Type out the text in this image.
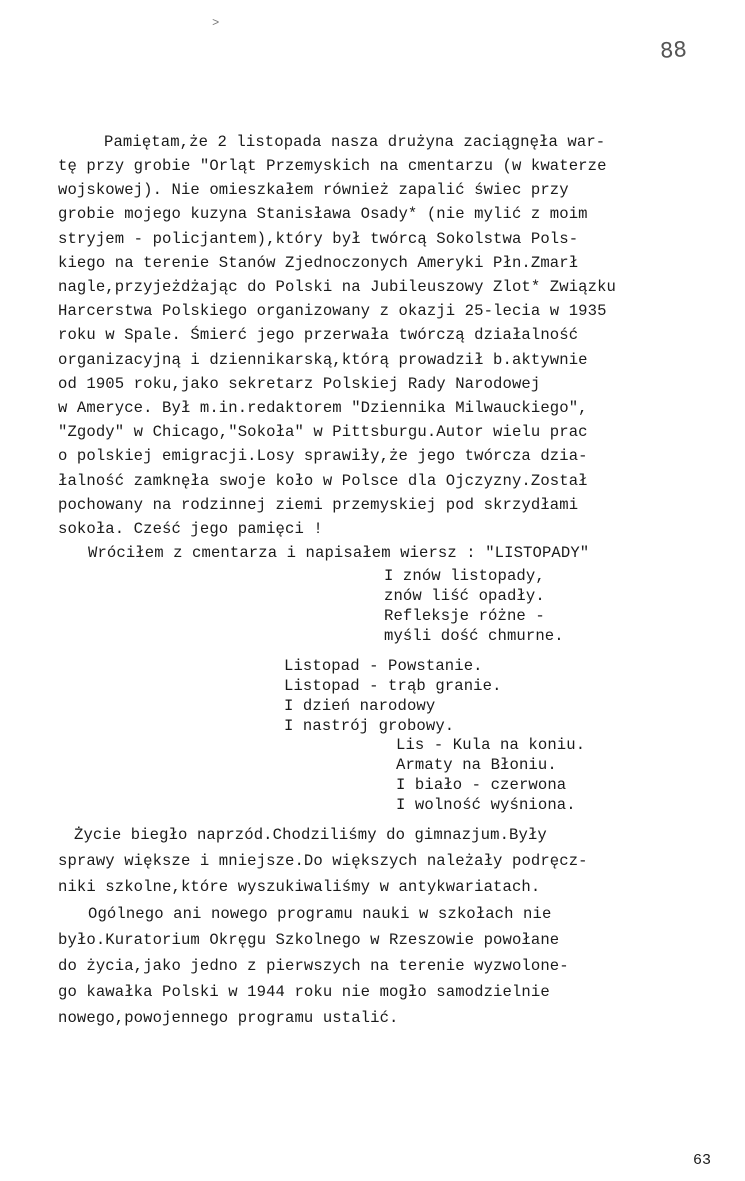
˃
88
Pamiętam,że 2 listopada nasza drużyna zaciągnęła war-
tę przy grobie "Orląt Przemyskich na cmentarzu (w kwaterze
wojskowej). Nie omieszkałem również zapalić świec przy
grobie mojego kuzyna Stanisława Osady* (nie mylić z moim
stryjem - policjantem),który był twórcą Sokolstwa Pols-
kiego na terenie Stanów Zjednoczonych Ameryki Płn.Zmarł
nagle,przyjeżdżając do Polski na Jubileuszowy Zlot* Związku
Harcerstwa Polskiego organizowany z okazji 25-lecia w 1935
roku w Spale. Śmierć jego przerwała twórczą działalność
organizacyjną i dziennikarską,którą prowadził b.aktywnie
od 1905 roku,jako sekretarz Polskiej Rady Narodowej
w Ameryce. Był m.in.redaktorem "Dziennika Milwauckiego",
"Zgody" w Chicago,"Sokoła" w Pittsburgu.Autor wielu prac
o polskiej emigracji.Losy sprawiły,że jego twórcza dzia-
łalność zamknęła swoje koło w Polsce dla Ojczyzny.Został
pochowany na rodzinnej ziemi przemyskiej pod skrzydłami
sokoła. Cześć jego pamięci !
Wróciłem z cmentarza i napisałem wiersz : "LISTOPADY"
I znów listopady,
znów liść opadły.
Refleksje różne -
myśli dość chmurne.
Listopad - Powstanie.
Listopad - trąb granie.
I dzień narodowy
I nastrój grobowy.
Lis - Kula na koniu.
Armaty na Błoniu.
I biało - czerwona
I wolność wyśniona.
Życie biegło naprzód.Chodziliśmy do gimnazjum.Były
sprawy większe i mniejsze.Do większych należały podręcz-
niki szkolne,które wyszukiwaliśmy w antykwariatach.
Ogólnego ani nowego programu nauki w szkołach nie
było.Kuratorium Okręgu Szkolnego w Rzeszowie powołane
do życia,jako jedno z pierwszych na terenie wyzwolone-
go kawałka Polski w 1944 roku nie mogło samodzielnie
nowego,powojennego programu ustalić.
63
